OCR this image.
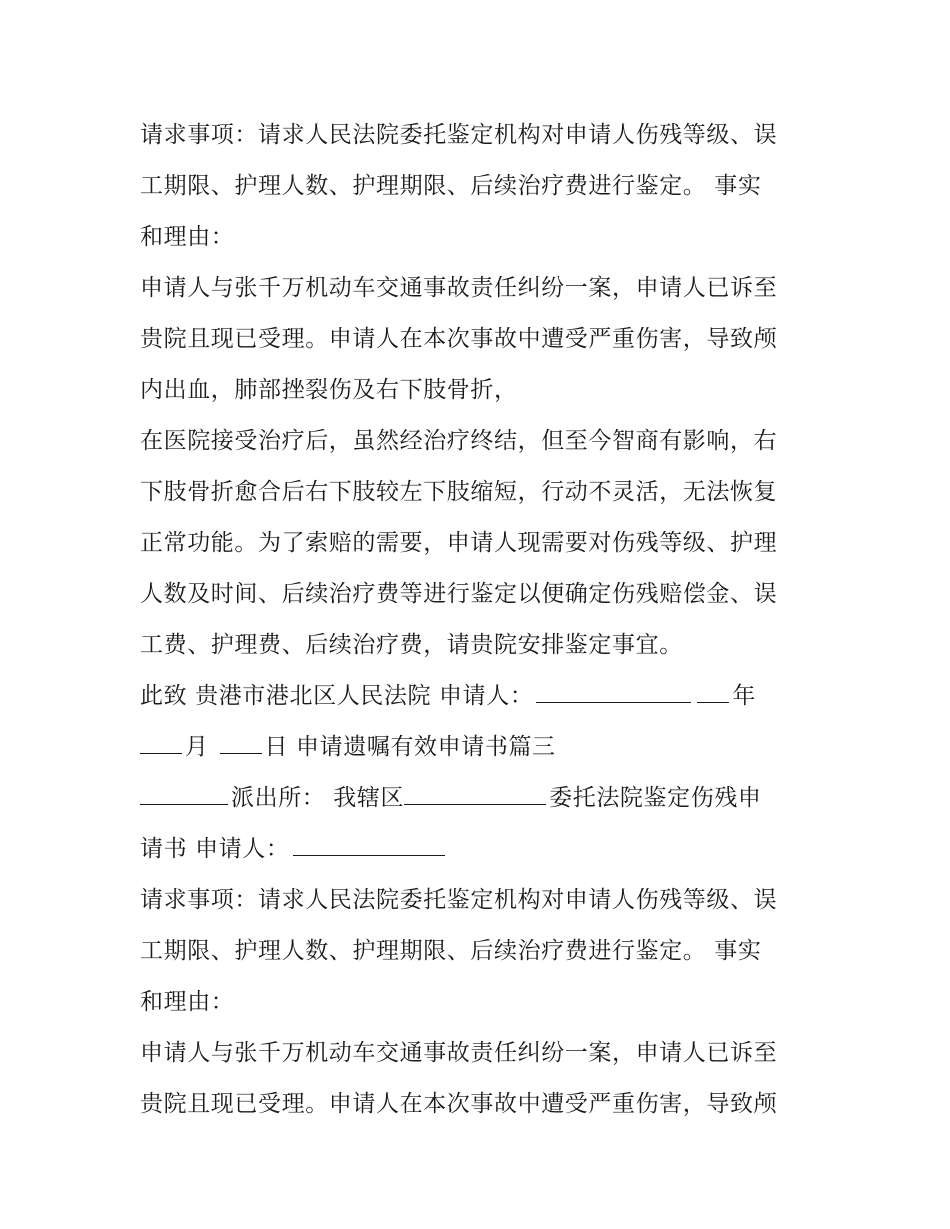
请求事项：请求人民法院委托鉴定机构对申请人伤残等级、误
工期限、护理人数、护理期限、后续治疗费进行鉴定。 事实
和理由：
申请人与张千万机动车交通事故责任纠纷一案，申请人已诉至
贵院且现已受理。申请人在本次事故中遭受严重伤害，导致颅
内出血，肺部挫裂伤及右下肢骨折，
在医院接受治疗后，虽然经治疗终结，但至今智商有影响，右
下肢骨折愈合后右下肢较左下肢缩短，行动不灵活，无法恢复
正常功能。为了索赔的需要，申请人现需要对伤残等级、护理
人数及时间、后续治疗费等进行鉴定以便确定伤残赔偿金、误
工费、护理费、后续治疗费，请贵院安排鉴定事宜。
此致 贵港市港北区人民法院 申请人：	年
月 日 申请遗嘱有效申请书篇三
派出所： 我辖区	委托法院鉴定伤残申
请书 申请人：
请求事项：请求人民法院委托鉴定机构对申请人伤残等级、误
工期限、护理人数、护理期限、后续治疗费进行鉴定。 事实
和理由：
申请人与张千万机动车交通事故责任纠纷一案，申请人已诉至
贵院且现已受理。申请人在本次事故中遭受严重伤害，导致颅
